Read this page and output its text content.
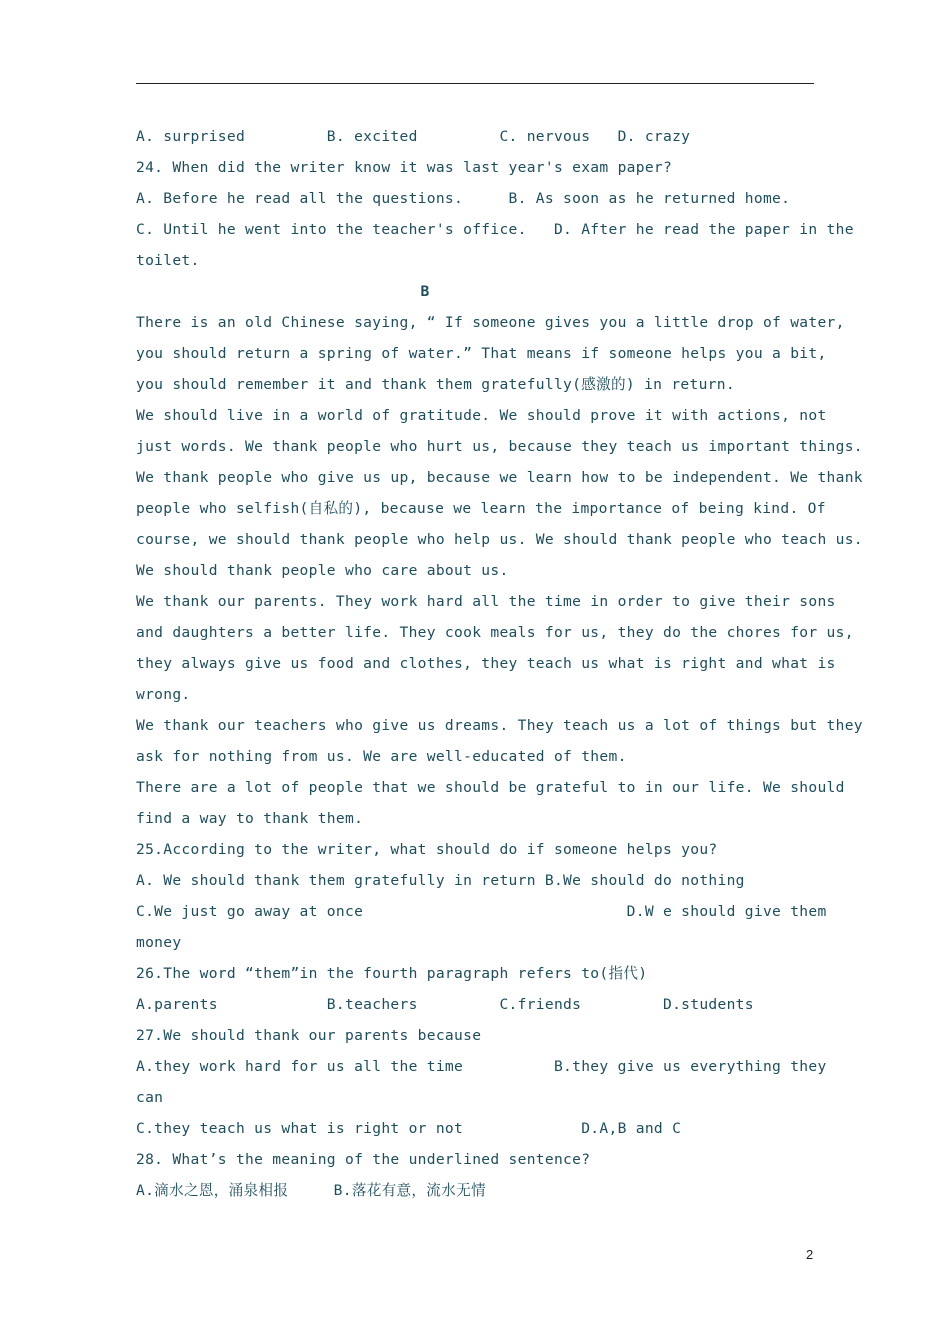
A. surprised         B. excited         C. nervous   D. crazy
24. When did the writer know it was last year's exam paper?
A. Before he read all the questions.     B. As soon as he returned home.
C. Until he went into the teacher's office.   D. After he read the paper in the
toilet.
B
There is an old Chinese saying, “ If someone gives you a little drop of water,
you should return a spring of water.” That means if someone helps you a bit,
you should remember it and thank them gratefully(感激的) in return.
We should live in a world of gratitude. We should prove it with actions, not
just words. We thank people who hurt us, because they teach us important things.
We thank people who give us up, because we learn how to be independent. We thank
people who selfish(自私的), because we learn the importance of being kind. Of
course, we should thank people who help us. We should thank people who teach us.
We should thank people who care about us.
We thank our parents. They work hard all the time in order to give their sons
and daughters a better life. They cook meals for us, they do the chores for us,
they always give us food and clothes, they teach us what is right and what is
wrong.
We thank our teachers who give us dreams. They teach us a lot of things but they
ask for nothing from us. We are well-educated of them.
There are a lot of people that we should be grateful to in our life. We should
find a way to thank them.
25.According to the writer, what should do if someone helps you?
A. We should thank them gratefully in return B.We should do nothing
C.We just go away at once                             D.W e should give them
money
26.The word “them”in the fourth paragraph refers to(指代)
A.parents            B.teachers         C.friends         D.students
27.We should thank our parents because
A.they work hard for us all the time          B.they give us everything they
can
C.they teach us what is right or not             D.A,B and C
28. What’s the meaning of the underlined sentence?
A.滴水之恩，涌泉相报     B.落花有意，流水无情
2
